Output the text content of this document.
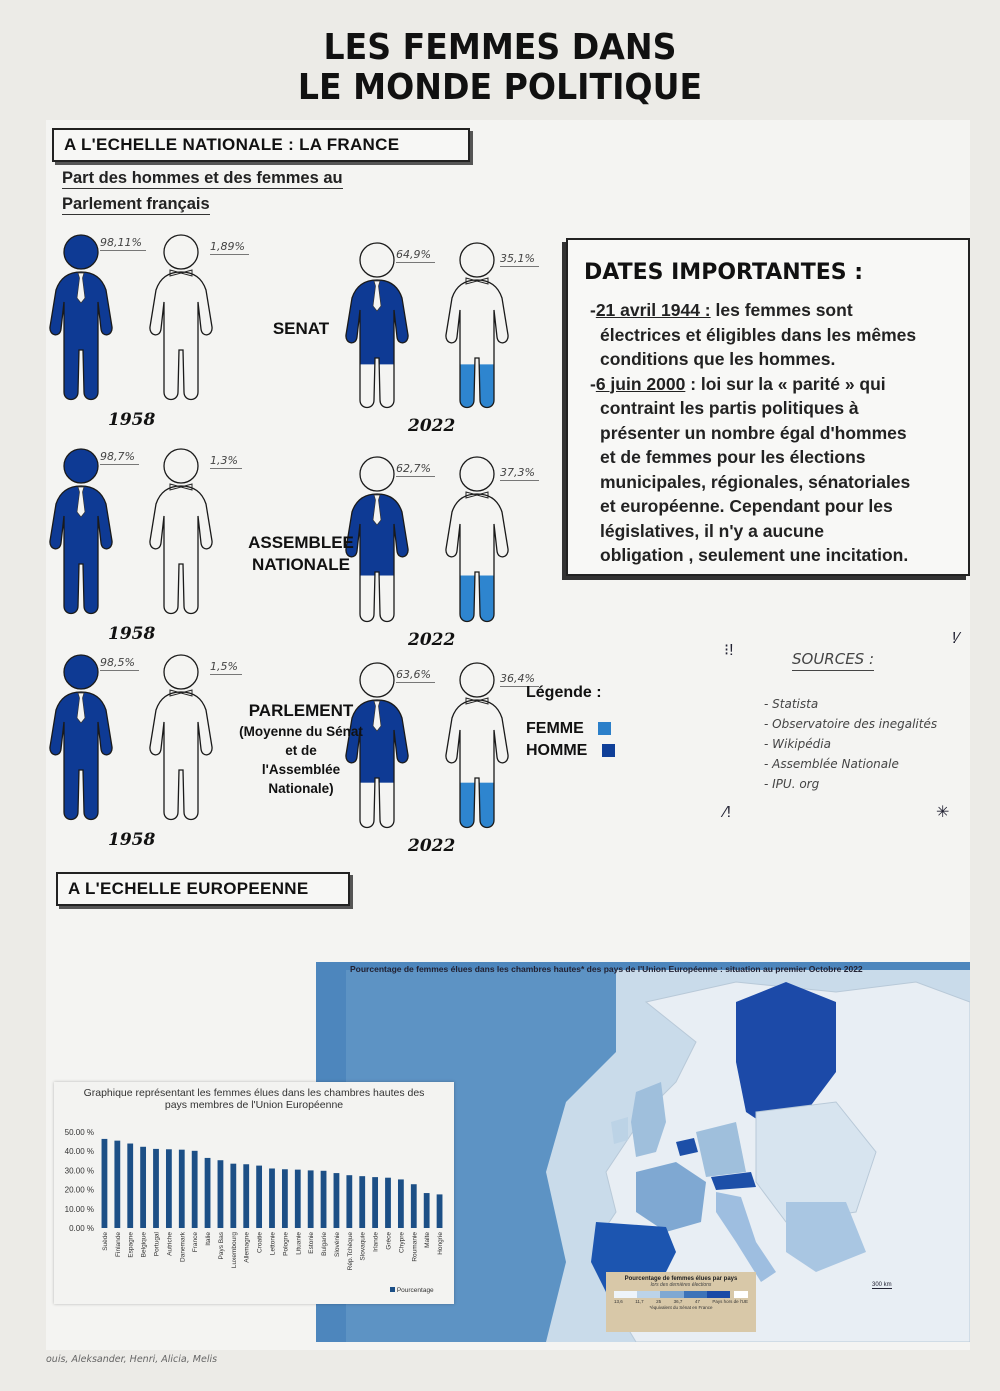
LES FEMMES DANS
LE MONDE POLITIQUE
A L'ECHELLE NATIONALE : LA FRANCE
Part des hommes et des femmes au
Parlement français
98,11%	1,89%
64,9%	35,1%
1958	2022
SENAT
98,7%	1,3%
62,7%	37,3%
1958	2022
ASSEMBLEE
NATIONALE
98,5%	1,5%
63,6%	36,4%
1958	2022
PARLEMENT
(Moyenne du Sénat
et de
l'Assemblée
Nationale)
DATES IMPORTANTES :
-21 avril 1944 : les femmes sont
électrices et éligibles dans les mêmes
conditions que les hommes.
-6 juin 2000 : loi sur la « parité » qui
contraint les partis politiques à
présenter un nombre égal d'hommes
et de femmes pour les élections
municipales, régionales, sénatoriales
et européenne. Cependant pour les
législatives, il n'y a aucune
obligation , seulement une incitation.
⁝!
!⁄
SOURCES :
- Statista
- Observatoire des inegalités
- Wikipédia
- Assemblée Nationale
- IPU. org
⁄!	✳
Légende :
FEMME
HOMME
A L'ECHELLE EUROPEENNE
Pourcentage de femmes élues dans les chambres hautes* des pays de l'Union Européenne : situation au premier Octobre 2022
Pourcentage de femmes élues par pays
lors des dernières élections
13,6	11,7	25	36,7	47	Pays hors de l'UE
*équivalent du Sénat en France
300 km
Graphique représentant les femmes élues dans les chambres hautes des
pays membres de l'Union Européenne
0.00 %
10.00 %
20.00 %
30.00 %
40.00 %
50.00 %
Suède Finlande Espagne Belgique Portugal Autriche Danemark France Italie Pays Bas Luxembourg Allemagne Croatie Lettonie Pologne Lituanie Estonie Bulgarie Slovénie Rép.Tchèque Slovaquie Irlande Grèce Chypre Roumanie Malte Hongrie
Pourcentage
ouis, Aleksander, Henri, Alicia, Melis
